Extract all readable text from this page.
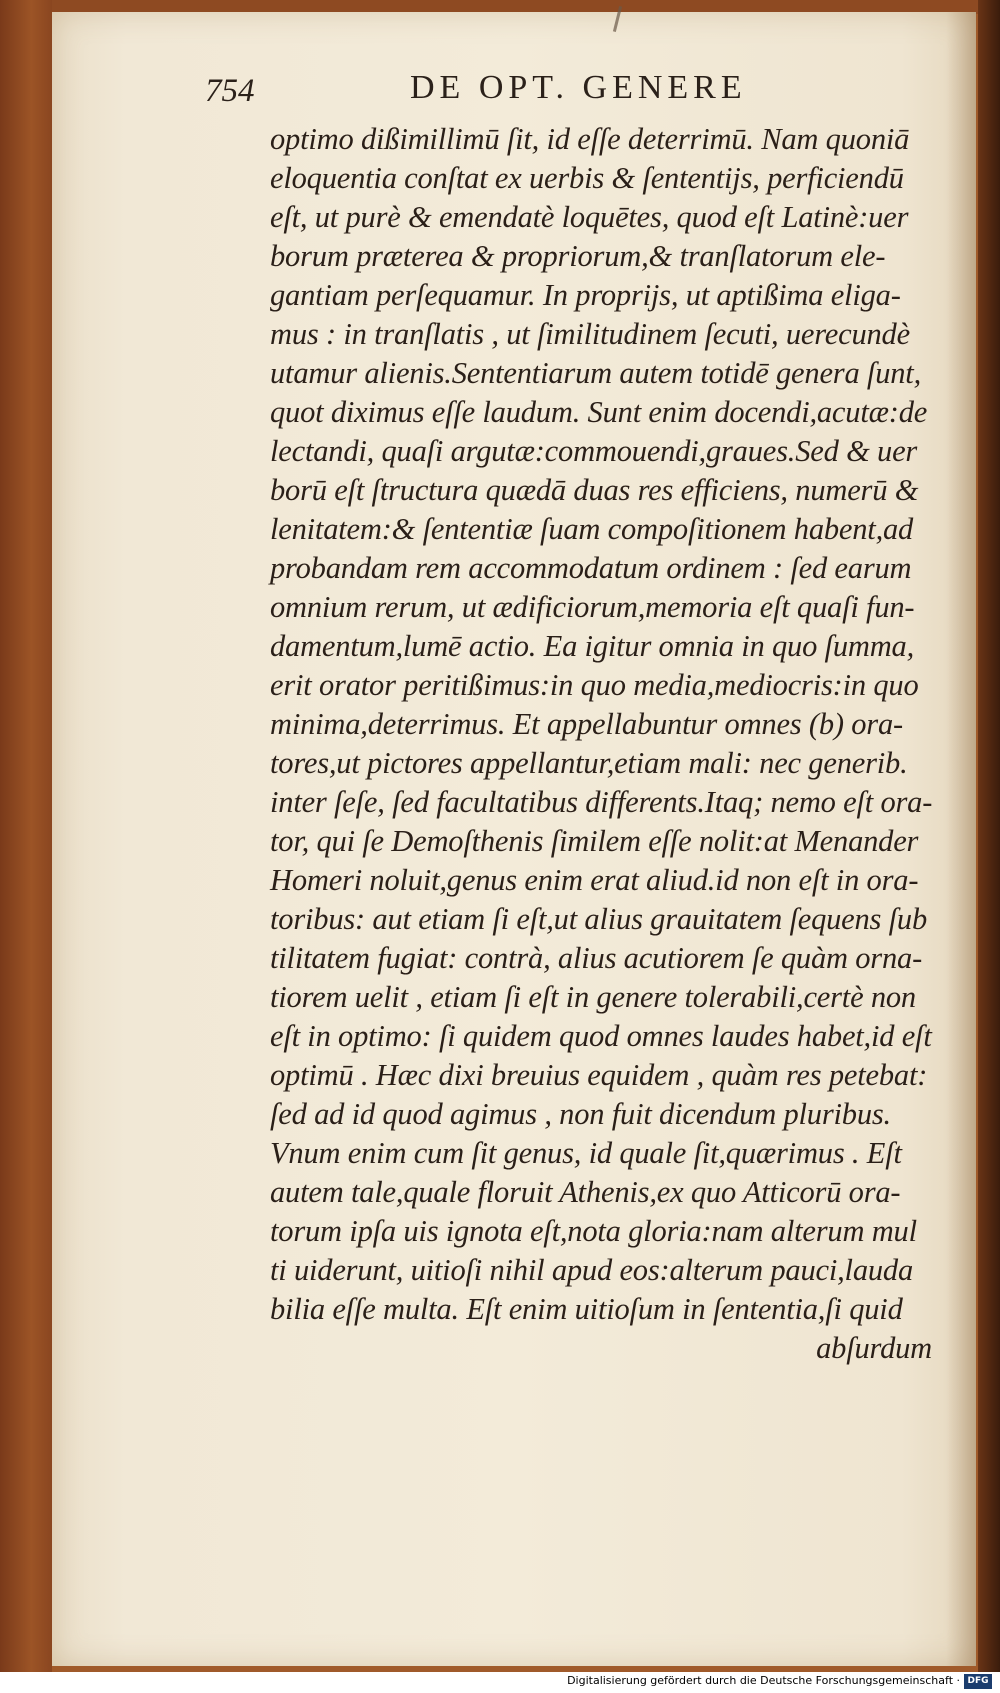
754	DE OPT. GENERE
optimo dißimillimū ſit, id eſſe deterrimū. Nam quoniā
eloquentia conſtat ex uerbis & ſententijs, perficiendū
eſt, ut purè & emendatè loquētes, quod eſt Latinè:uer
borum præterea & propriorum,& tranſlatorum ele-
gantiam perſequamur. In proprijs, ut aptißima eliga-
mus : in tranſlatis , ut ſimilitudinem ſecuti, uerecundè
utamur alienis.Sententiarum autem totidē genera ſunt,
quot diximus eſſe laudum. Sunt enim docendi,acutæ:de
lectandi, quaſi argutæ:commouendi,graues.Sed & uer
borū eſt ſtructura quædā duas res efficiens, numerū &
lenitatem:& ſententiæ ſuam compoſitionem habent,ad
probandam rem accommodatum ordinem : ſed earum
omnium rerum, ut ædificiorum,memoria eſt quaſi fun-
damentum,lumē actio. Ea igitur omnia in quo ſumma,
erit orator peritißimus:in quo media,mediocris:in quo
minima,deterrimus. Et appellabuntur omnes (b) ora-
tores,ut pictores appellantur,etiam mali: nec generib.
inter ſeſe, ſed facultatibus differents.Itaq; nemo eſt ora-
tor, qui ſe Demoſthenis ſimilem eſſe nolit:at Menander
Homeri noluit,genus enim erat aliud.id non eſt in ora-
toribus: aut etiam ſi eſt,ut alius grauitatem ſequens ſub
tilitatem fugiat: contrà, alius acutiorem ſe quàm orna-
tiorem uelit , etiam ſi eſt in genere tolerabili,certè non
eſt in optimo: ſi quidem quod omnes laudes habet,id eſt
optimū . Hæc dixi breuius equidem , quàm res petebat:
ſed ad id quod agimus , non fuit dicendum pluribus.
Vnum enim cum ſit genus, id quale ſit,quærimus . Eſt
autem tale,quale floruit Athenis,ex quo Atticorū ora-
torum ipſa uis ignota eſt,nota gloria:nam alterum mul
ti uiderunt, uitioſi nihil apud eos:alterum pauci,lauda
bilia eſſe multa. Eſt enim uitioſum in ſententia,ſi quid
abſurdum
Digitalisierung gefördert durch die Deutsche Forschungsgemeinschaft · DFG
